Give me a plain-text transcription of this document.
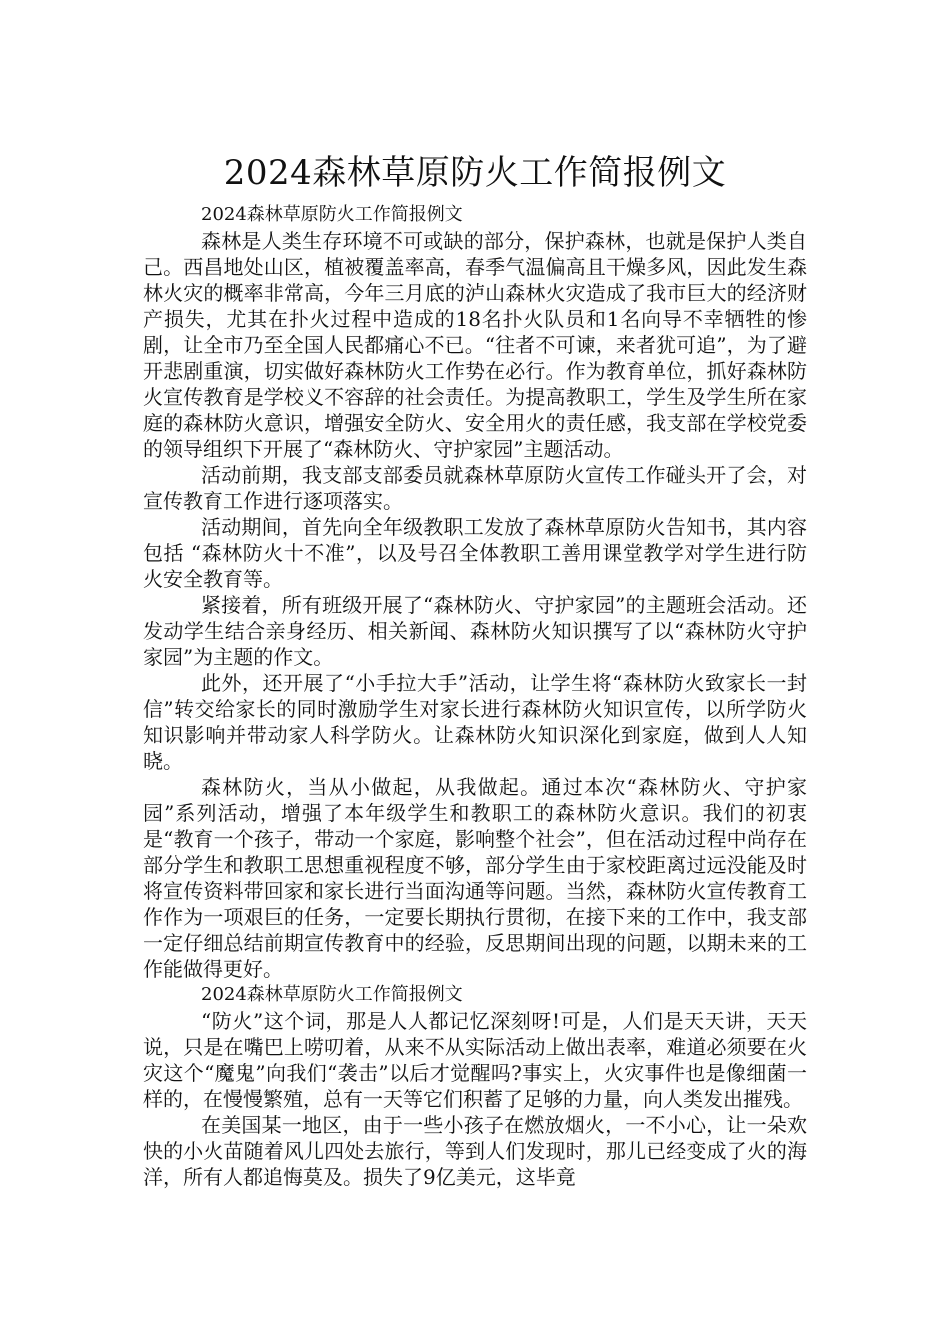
2024森林草原防火工作简报例文

2024森林草原防火工作简报例文

森林是人类生存环境不可或缺的部分，保护森林，也就是保护人类自己。西昌地处山区，植被覆盖率高，春季气温偏高且干燥多风，因此发生森林火灾的概率非常高，今年三月底的泸山森林火灾造成了我市巨大的经济财产损失，尤其在扑火过程中造成的18名扑火队员和1名向导不幸牺牲的惨剧，让全市乃至全国人民都痛心不已。“往者不可谏，来者犹可追”，为了避开悲剧重演，切实做好森林防火工作势在必行。作为教育单位，抓好森林防火宣传教育是学校义不容辞的社会责任。为提高教职工，学生及学生所在家庭的森林防火意识，增强安全防火、安全用火的责任感，我支部在学校党委的领导组织下开展了“森林防火、守护家园”主题活动。

活动前期，我支部支部委员就森林草原防火宣传工作碰头开了会，对宣传教育工作进行逐项落实。

活动期间，首先向全年级教职工发放了森林草原防火告知书，其内容包括 “森林防火十不准”，以及号召全体教职工善用课堂教学对学生进行防火安全教育等。

紧接着，所有班级开展了“森林防火、守护家园”的主题班会活动。还发动学生结合亲身经历、相关新闻、森林防火知识撰写了以“森林防火守护家园”为主题的作文。

此外，还开展了“小手拉大手”活动，让学生将“森林防火致家长一封信”转交给家长的同时激励学生对家长进行森林防火知识宣传，以所学防火知识影响并带动家人科学防火。让森林防火知识深化到家庭，做到人人知晓。

森林防火，当从小做起，从我做起。通过本次“森林防火、守护家园”系列活动，增强了本年级学生和教职工的森林防火意识。我们的初衷是“教育一个孩子，带动一个家庭，影响整个社会”，但在活动过程中尚存在部分学生和教职工思想重视程度不够，部分学生由于家校距离过远没能及时将宣传资料带回家和家长进行当面沟通等问题。当然，森林防火宣传教育工作作为一项艰巨的任务，一定要长期执行贯彻，在接下来的工作中，我支部一定仔细总结前期宣传教育中的经验，反思期间出现的问题，以期未来的工作能做得更好。

2024森林草原防火工作简报例文

“防火”这个词，那是人人都记忆深刻呀!可是，人们是天天讲，天天说，只是在嘴巴上唠叨着，从来不从实际活动上做出表率，难道必须要在火灾这个“魔鬼”向我们“袭击”以后才觉醒吗?事实上，火灾事件也是像细菌一样的，在慢慢繁殖，总有一天等它们积蓄了足够的力量，向人类发出摧残。

在美国某一地区，由于一些小孩子在燃放烟火，一不小心，让一朵欢快的小火苗随着风儿四处去旅行，等到人们发现时，那儿已经变成了火的海洋，所有人都追悔莫及。损失了9亿美元，这毕竟
